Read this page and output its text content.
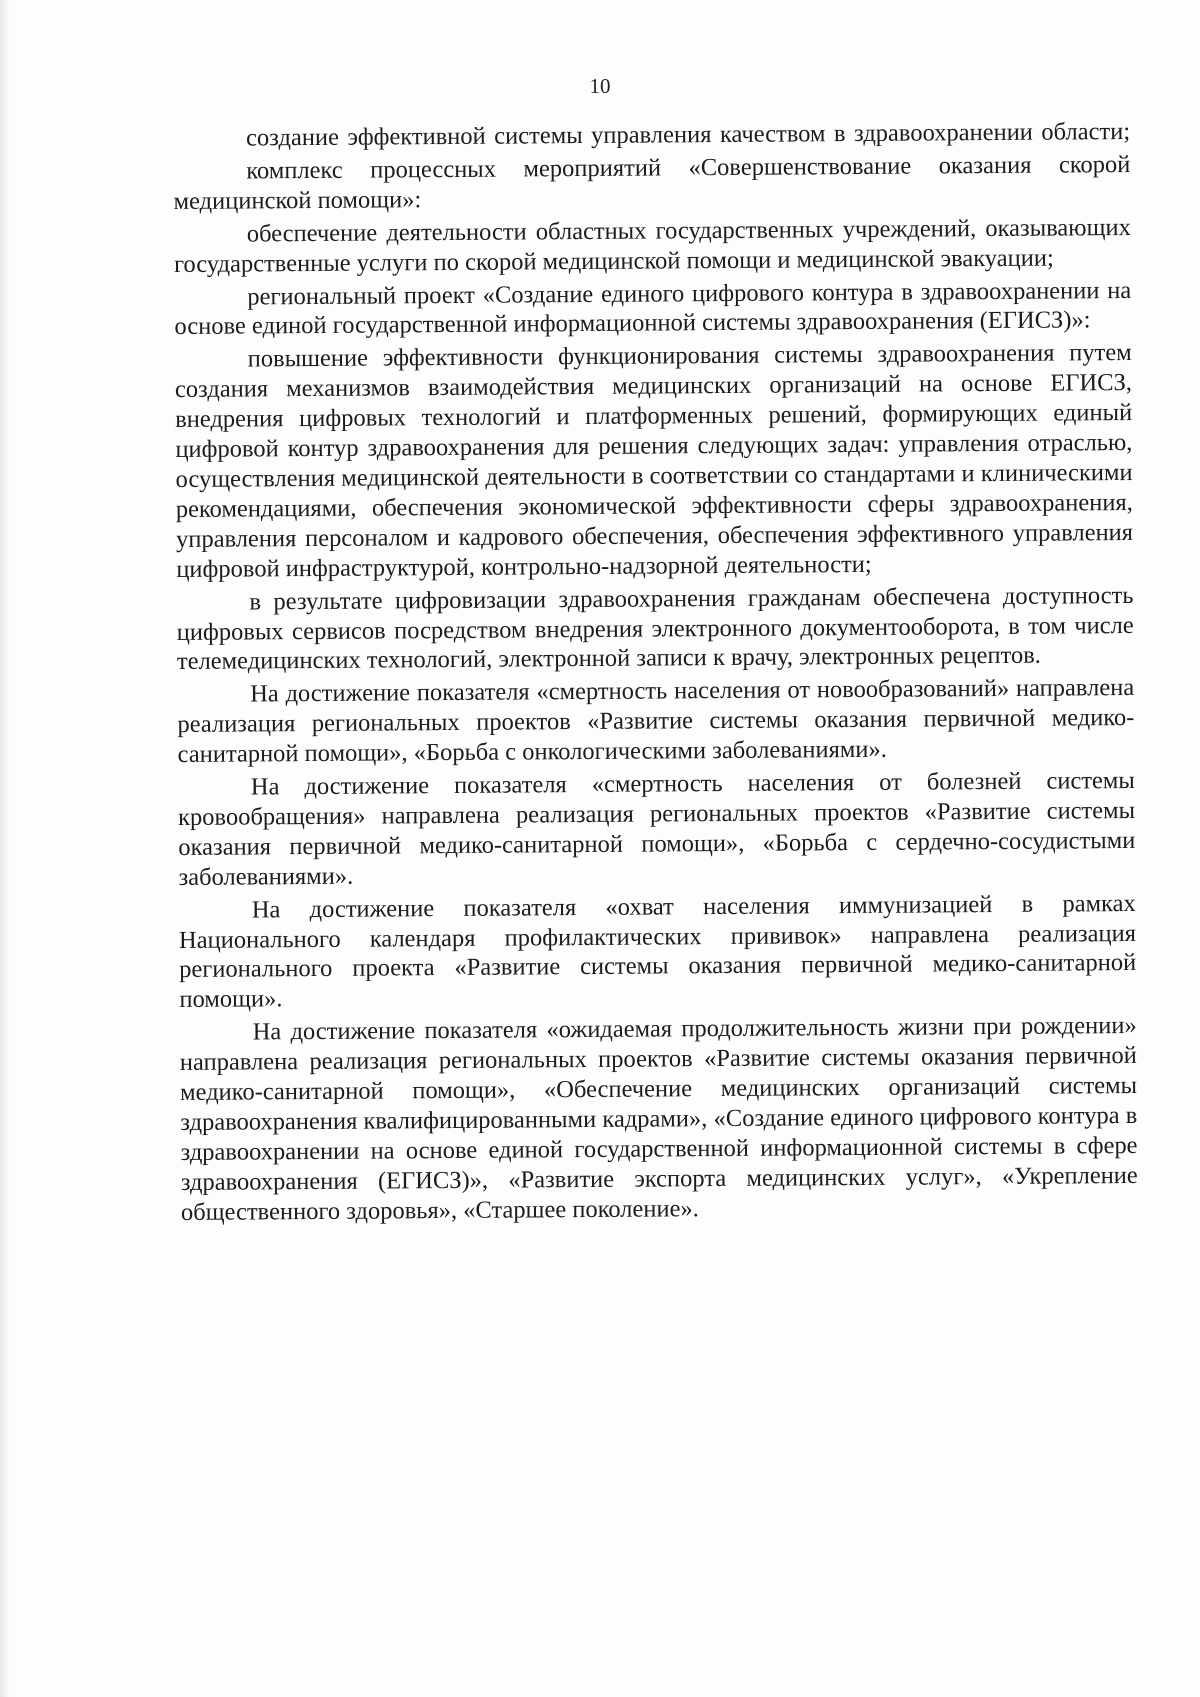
10

создание эффективной системы управления качеством в здравоохранении области;

комплекс процессных мероприятий «Совершенствование оказания скорой медицинской помощи»:

обеспечение деятельности областных государственных учреждений, оказывающих государственные услуги по скорой медицинской помощи и медицинской эвакуации;

региональный проект «Создание единого цифрового контура в здравоохранении на основе единой государственной информационной системы здравоохранения (ЕГИСЗ)»:

повышение эффективности функционирования системы здравоохранения путем создания механизмов взаимодействия медицинских организаций на основе ЕГИСЗ, внедрения цифровых технологий и платформенных решений, формирующих единый цифровой контур здравоохранения для решения следующих задач: управления отраслью, осуществления медицинской деятельности в соответствии со стандартами и клиническими рекомендациями, обеспечения экономической эффективности сферы здравоохранения, управления персоналом и кадрового обеспечения, обеспечения эффективного управления цифровой инфраструктурой, контрольно-надзорной деятельности;

в результате цифровизации здравоохранения гражданам обеспечена доступность цифровых сервисов посредством внедрения электронного документооборота, в том числе телемедицинских технологий, электронной записи к врачу, электронных рецептов.

На достижение показателя «смертность населения от новообразований» направлена реализация региональных проектов «Развитие системы оказания первичной медико-санитарной помощи», «Борьба с онкологическими заболеваниями».

На достижение показателя «смертность населения от болезней системы кровообращения» направлена реализация региональных проектов «Развитие системы оказания первичной медико-санитарной помощи», «Борьба с сердечно-сосудистыми заболеваниями».

На достижение показателя «охват населения иммунизацией в рамках Национального календаря профилактических прививок» направлена реализация регионального проекта «Развитие системы оказания первичной медико-санитарной помощи».

На достижение показателя «ожидаемая продолжительность жизни при рождении» направлена реализация региональных проектов «Развитие системы оказания первичной медико-санитарной помощи», «Обеспечение медицинских организаций системы здравоохранения квалифицированными кадрами», «Создание единого цифрового контура в здравоохранении на основе единой государственной информационной системы в сфере здравоохранения (ЕГИСЗ)», «Развитие экспорта медицинских услуг», «Укрепление общественного здоровья», «Старшее поколение».
